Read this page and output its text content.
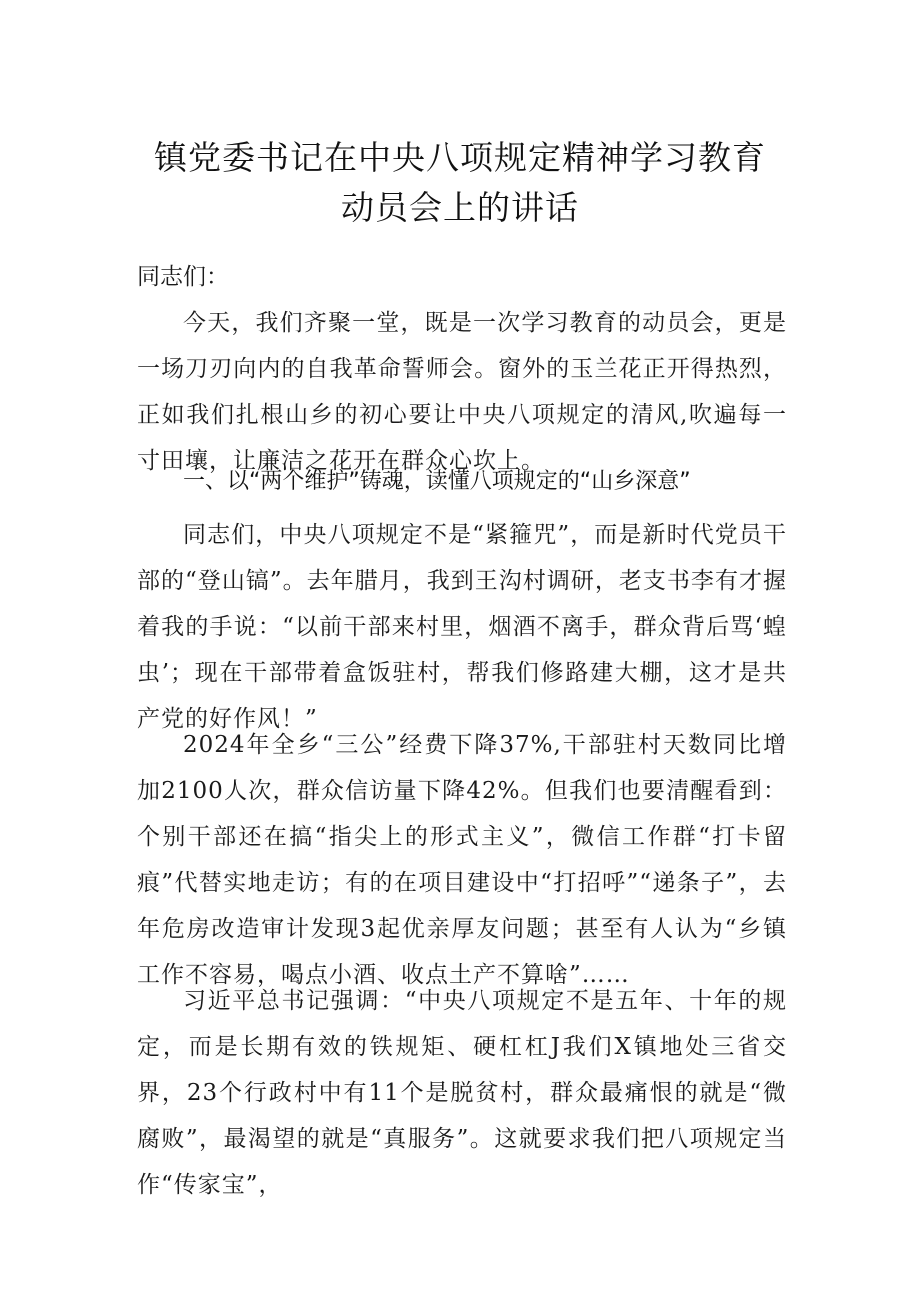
镇党委书记在中央八项规定精神学习教育
动员会上的讲话
同志们：

今天，我们齐聚一堂，既是一次学习教育的动员会，更是一场刀刃向内的自我革命誓师会。窗外的玉兰花正开得热烈，正如我们扎根山乡的初心要让中央八项规定的清风,吹遍每一寸田壤，让廉洁之花开在群众心坎上。

一、以“两个维护”铸魂，读懂八项规定的“山乡深意”

同志们，中央八项规定不是“紧箍咒”，而是新时代党员干部的“登山镐”。去年腊月，我到王沟村调研，老支书李有才握着我的手说：“以前干部来村里，烟酒不离手，群众背后骂‘蝗虫’；现在干部带着盒饭驻村，帮我们修路建大棚，这才是共产党的好作风！”

2024年全乡“三公”经费下降37%,干部驻村天数同比增加2100人次，群众信访量下降42%。但我们也要清醒看到：个别干部还在搞“指尖上的形式主义”，微信工作群“打卡留痕”代替实地走访；有的在项目建设中“打招呼”“递条子”，去年危房改造审计发现3起优亲厚友问题；甚至有人认为“乡镇工作不容易，喝点小酒、收点土产不算啥”……

习近平总书记强调：“中央八项规定不是五年、十年的规定，而是长期有效的铁规矩、硬杠杠J我们X镇地处三省交界，23个行政村中有11个是脱贫村，群众最痛恨的就是“微腐败”，最渴望的就是“真服务”。这就要求我们把八项规定当作“传家宝”，
